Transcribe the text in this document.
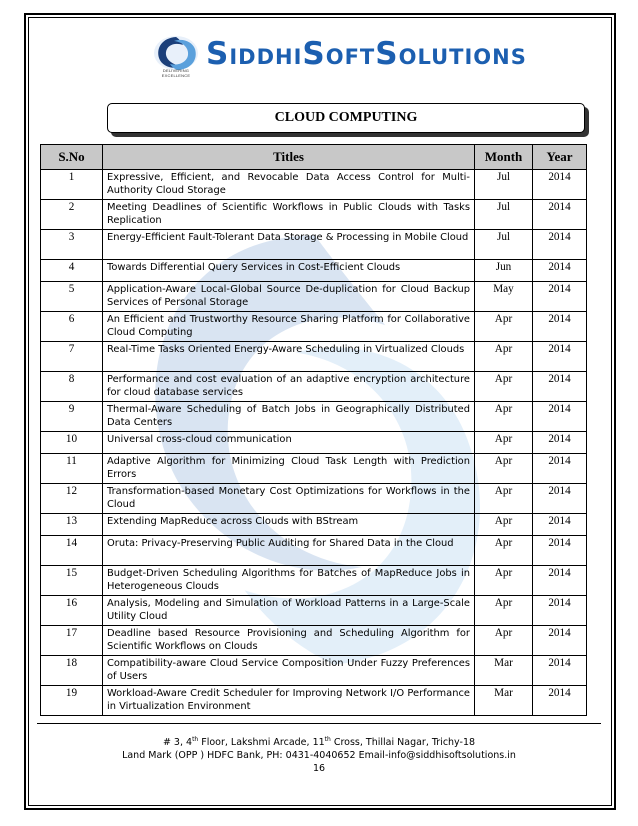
DELIVERING EXCELLENCE
SIDDHISOFTSOLUTIONS
CLOUD COMPUTING
S.No	Titles	Month	Year
1	Expressive, Efficient, and Revocable Data Access Control for Multi-Authority Cloud Storage	Jul	2014
2	Meeting Deadlines of Scientific Workflows in Public Clouds with Tasks Replication	Jul	2014
3	Energy-Efficient Fault-Tolerant Data Storage & Processing in Mobile Cloud	Jul	2014
4	Towards Differential Query Services in Cost-Efficient Clouds	Jun	2014
5	Application-Aware Local-Global Source De-duplication for Cloud Backup Services of Personal Storage	May	2014
6	An Efficient and Trustworthy Resource Sharing Platform for Collaborative Cloud Computing	Apr	2014
7	Real-Time Tasks Oriented Energy-Aware Scheduling in Virtualized Clouds	Apr	2014
8	Performance and cost evaluation of an adaptive encryption architecture for cloud database services	Apr	2014
9	Thermal-Aware Scheduling of Batch Jobs in Geographically Distributed Data Centers	Apr	2014
10	Universal cross-cloud communication	Apr	2014
11	Adaptive Algorithm for Minimizing Cloud Task Length with Prediction Errors	Apr	2014
12	Transformation-based Monetary Cost Optimizations for Workflows in the Cloud	Apr	2014
13	Extending MapReduce across Clouds with BStream	Apr	2014
14	Oruta: Privacy-Preserving Public Auditing for Shared Data in the Cloud	Apr	2014
15	Budget-Driven Scheduling Algorithms for Batches of MapReduce Jobs in Heterogeneous Clouds	Apr	2014
16	Analysis, Modeling and Simulation of Workload Patterns in a Large-Scale Utility Cloud	Apr	2014
17	Deadline based Resource Provisioning and Scheduling Algorithm for Scientific Workflows on Clouds	Apr	2014
18	Compatibility-aware Cloud Service Composition Under Fuzzy Preferences of Users	Mar	2014
19	Workload-Aware Credit Scheduler for Improving Network I/O Performance in Virtualization Environment	Mar	2014
# 3, 4th Floor, Lakshmi Arcade, 11th Cross, Thillai Nagar, Trichy-18
Land Mark (OPP ) HDFC Bank, PH: 0431-4040652 Email-info@siddhisoftsolutions.in
16
